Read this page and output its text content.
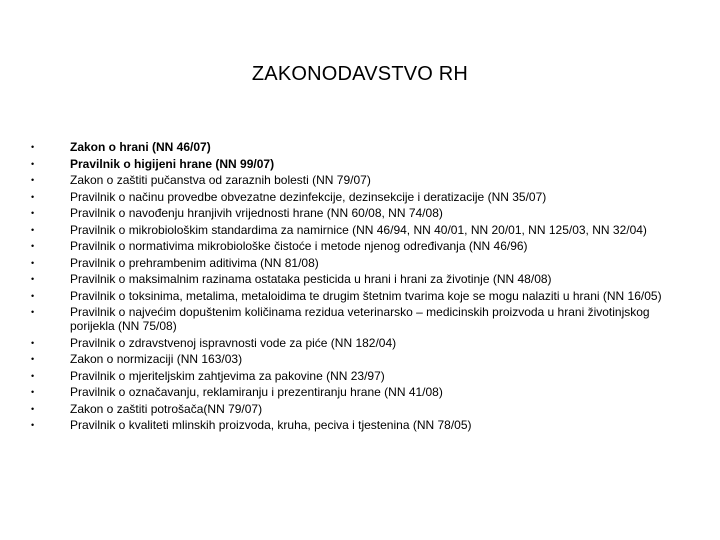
ZAKONODAVSTVO RH
•	Zakon o hrani (NN 46/07)
•	Pravilnik o higijeni hrane (NN 99/07)
•	Zakon o zaštiti pučanstva od zaraznih bolesti (NN 79/07)
•	Pravilnik o načinu provedbe obvezatne dezinfekcije, dezinsekcije i deratizacije (NN 35/07)
•	Pravilnik o navođenju hranjivih vrijednosti hrane (NN 60/08, NN 74/08)
•	Pravilnik o mikrobiološkim standardima za namirnice (NN 46/94, NN 40/01, NN 20/01, NN 125/03, NN 32/04)
•	Pravilnik o normativima mikrobiološke čistoće i metode njenog određivanja (NN 46/96)
•	Pravilnik o prehrambenim aditivima (NN 81/08)
•	Pravilnik o maksimalnim razinama ostataka pesticida u hrani i hrani za životinje (NN 48/08)
•	Pravilnik o toksinima, metalima, metaloidima te drugim štetnim tvarima koje se mogu nalaziti u hrani (NN 16/05)
•	Pravilnik o najvećim dopuštenim količinama rezidua veterinarsko – medicinskih proizvoda u hrani životinjskog porijekla (NN 75/08)
•	Pravilnik o zdravstvenoj ispravnosti vode za piće (NN 182/04)
•	Zakon o normizaciji (NN 163/03)
•	Pravilnik o mjeriteljskim zahtjevima za pakovine (NN 23/97)
•	Pravilnik o označavanju, reklamiranju i prezentiranju hrane (NN 41/08)
•	Zakon o zaštiti potrošača(NN 79/07)
•	Pravilnik o kvaliteti mlinskih proizvoda, kruha, peciva i tjestenina (NN 78/05)
